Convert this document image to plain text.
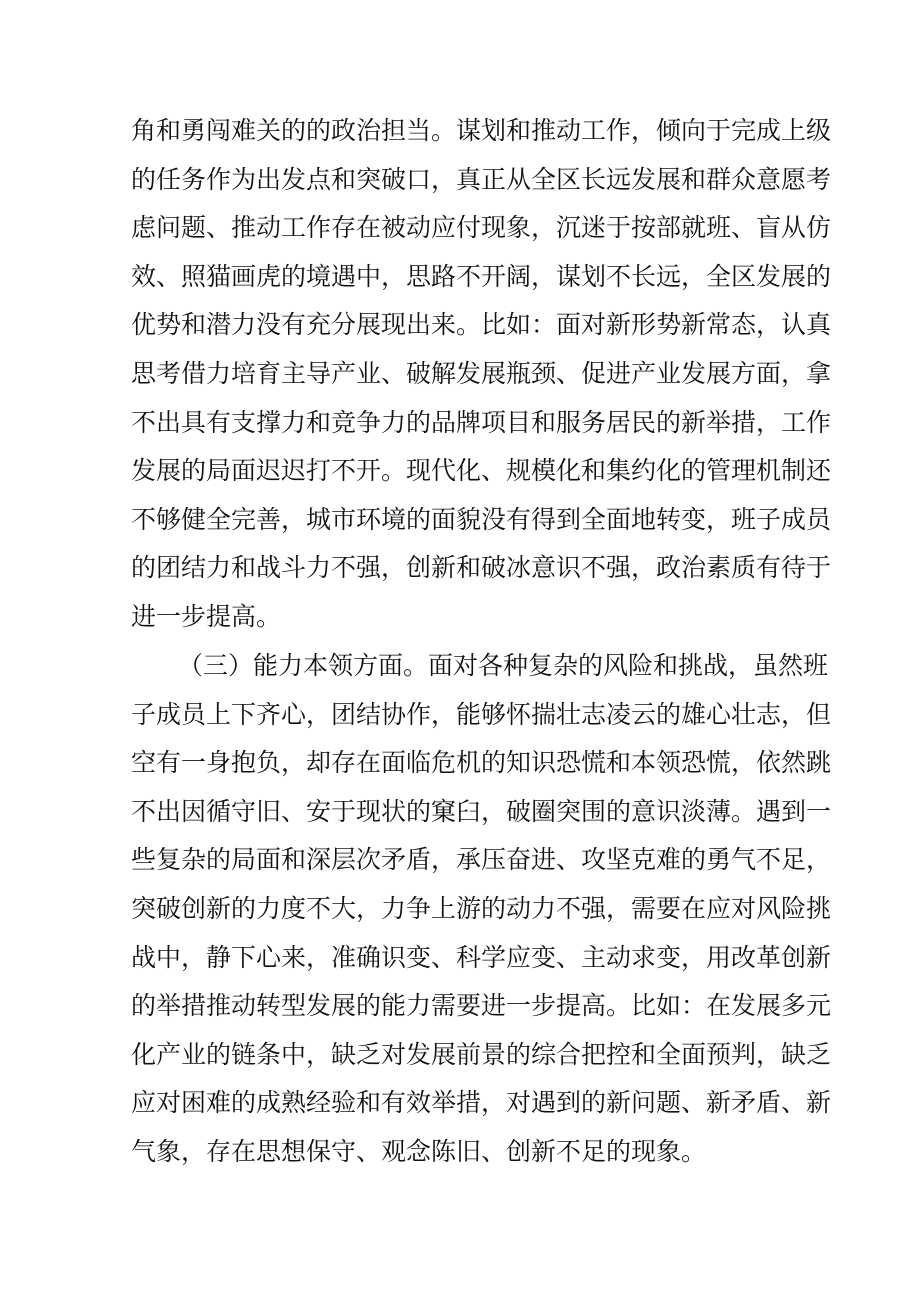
角和勇闯难关的的政治担当。谋划和推动工作，倾向于完成上级
的任务作为出发点和突破口，真正从全区长远发展和群众意愿考
虑问题、推动工作存在被动应付现象，沉迷于按部就班、盲从仿
效、照猫画虎的境遇中，思路不开阔，谋划不长远，全区发展的
优势和潜力没有充分展现出来。比如：面对新形势新常态，认真
思考借力培育主导产业、破解发展瓶颈、促进产业发展方面，拿
不出具有支撑力和竞争力的品牌项目和服务居民的新举措，工作
发展的局面迟迟打不开。现代化、规模化和集约化的管理机制还
不够健全完善，城市环境的面貌没有得到全面地转变，班子成员
的团结力和战斗力不强，创新和破冰意识不强，政治素质有待于
进一步提高。
（三）能力本领方面。面对各种复杂的风险和挑战，虽然班
子成员上下齐心，团结协作，能够怀揣壮志凌云的雄心壮志，但
空有一身抱负，却存在面临危机的知识恐慌和本领恐慌，依然跳
不出因循守旧、安于现状的窠臼，破圈突围的意识淡薄。遇到一
些复杂的局面和深层次矛盾，承压奋进、攻坚克难的勇气不足，
突破创新的力度不大，力争上游的动力不强，需要在应对风险挑
战中，静下心来，准确识变、科学应变、主动求变，用改革创新
的举措推动转型发展的能力需要进一步提高。比如：在发展多元
化产业的链条中，缺乏对发展前景的综合把控和全面预判，缺乏
应对困难的成熟经验和有效举措，对遇到的新问题、新矛盾、新
气象，存在思想保守、观念陈旧、创新不足的现象。
